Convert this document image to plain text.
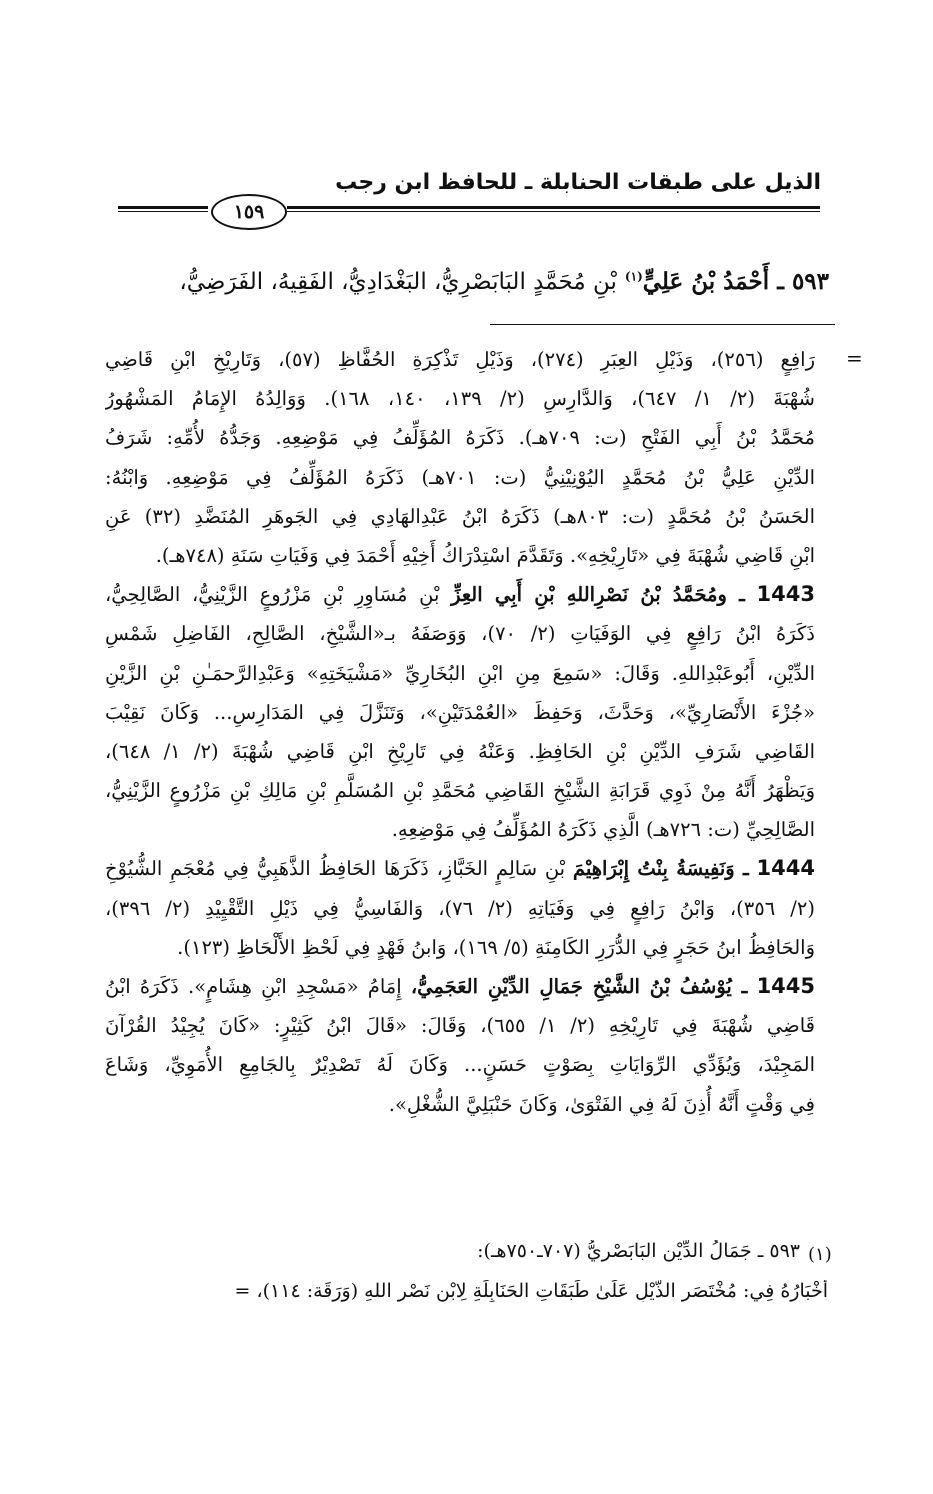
الذيل على طبقات الحنابلة ـ للحافظ ابن رجب
١٥٩
٥٩٣ ـ أَحْمَدُ بْنُ عَلِيٍّ$^{(١)}$ بْنِ مُحَمَّدٍ البَابَصْرِيُّ، البَغْدَادِيُّ، الفَقِيهُ، الفَرَضِيُّ،
=
رَافِعٍ (٢٥٦)، وَذَيْلِ العِبَرِ (٢٧٤)، وَذَيْلِ تَذْكِرَةِ الحُفَّاظِ (٥٧)، وَتَارِيْخِ ابْنِ قَاضِي
شُهْبَةَ (٢/ ١/ ٦٤٧)، وَالدَّارِسِ (٢/ ١٣٩، ١٤٠، ١٦٨). وَوَالِدُهُ الإِمَامُ المَشْهُورُ
مُحَمَّدُ بْنُ أَبِي الفَتْحِ (ت: ٧٠٩هـ). ذَكَرَهُ المُؤَلِّفُ فِي مَوْضِعِهِ. وَجَدُّهُ لأُمِّهِ: شَرَفُ
الدِّيْنِ عَلِيُّ بْنُ مُحَمَّدٍ اليُوْنِيْنِيُّ (ت: ٧٠١هـ) ذَكَرَهُ المُؤَلِّفُ فِي مَوْضِعِهِ. وَابْنُهُ:
الحَسَنُ بْنُ مُحَمَّدٍ (ت: ٨٠٣هـ) ذَكَرَهُ ابْنُ عَبْدِالهَادِي فِي الجَوهَرِ المُنَضَّدِ (٣٢) عَنِ
ابْنِ قَاضِي شُهْبَةَ فِي «تَارِيْخِهِ». وَتَقَدَّمَ اسْتِدْرَاكُ أَخِيْهِ أَحْمَدَ فِي وَفَيَاتِ سَنَةِ (٧٤٨هـ).
1443 ـ ومُحَمَّدُ بْنُ نَصْرِاللهِ بْنِ أَبِي العِزِّ بْنِ مُسَاوِرِ بْنِ مَزْرُوعٍ الزَّيْنِيُّ، الصَّالِحِيُّ،
ذَكَرَهُ ابْنُ رَافِعٍ فِي الوَفَيَاتِ (٢/ ٧٠)، وَوَصَفَهُ بـ«الشَّيْخِ، الصَّالِحِ، الفَاضِلِ شَمْسِ
الدِّيْنِ، أَبُوعَبْدِاللهِ. وَقَالَ: «سَمِعَ مِنِ ابْنِ البُخَارِيِّ «مَشْيَخَتِهِ» وَعَبْدِالرَّحمَـٰنِ بْنِ الزَّيْنِ
«جُزْءَ الأَنْصَارِيِّ»، وَحَدَّثَ، وَحَفِظَ «العُمْدَتَيْنِ»، وَتَنَزَّلَ فِي المَدَارِسِ... وَكَانَ نَقِيْبَ
القَاضِي شَرَفِ الدِّيْنِ بْنِ الحَافِظِ. وَعَنْهُ فِي تَارِيْخِ ابْنِ قَاضِي شُهْبَةَ (٢/ ١/ ٦٤٨)،
وَيَظْهَرُ أَنَّهُ مِنْ ذَوِي قَرَابَةِ الشَّيْخِ القَاضِي مُحَمَّدِ بْنِ المُسَلَّمِ بْنِ مَالِكِ بْنِ مَزْرُوعٍ الزَّيْنِيُّ،
الصَّالِحِيِّ (ت: ٧٢٦هـ) الَّذِي ذَكَرَهُ المُؤَلِّفُ فِي مَوْضِعِهِ.
1444 ـ وَنَفِيسَةُ بِنْتُ إِبْرَاهِيْمَ بْنِ سَالِمٍ الخَبَّازِ، ذَكَرَهَا الحَافِظُ الذَّهَبِيُّ فِي مُعْجَمِ الشُّيُوْخِ
(٢/ ٣٥٦)، وَابْنُ رَافِعٍ فِي وَفَيَاتِهِ (٢/ ٧٦)، وَالفَاسِيُّ فِي ذَيْلِ التَّقْيِيْدِ (٢/ ٣٩٦)،
وَالحَافِظُ ابنُ حَجَرٍ فِي الدُّرَرِ الكَامِنَةِ (٥/ ١٦٩)، وَابنُ فَهْدٍ فِي لَحْظِ الأَلْحَاظِ (١٢٣).
1445 ـ يُوْسُفُ بْنُ الشَّيْخِ جَمَالِ الدِّيْنِ العَجَمِيُّ، إِمَامُ «مَسْجِدِ ابْنِ هِشَامٍ». ذَكَرَهُ ابْنُ
قَاضِي شُهْبَةَ فِي تَارِيْخِهِ (٢/ ١/ ٦٥٥)، وَقَالَ: «قَالَ ابْنُ كَثِيْرٍ: «كَانَ يُجِيْدُ القُرْآنَ
المَجِيْدَ، وَيُؤَدِّي الرِّوَايَاتِ بِصَوْتٍ حَسَنٍ... وَكَانَ لَهُ تَصْدِيْرٌ بِالجَامِعِ الأُمَوِيِّ، وَشَاعَ
فِي وَقْتٍ أَنَّهُ أُذِنَ لَهُ فِي الفَتْوَىٰ، وَكَانَ حَنْبَلِيَّ الشُّغْلِ».
(١)
٥٩٣ ـ جَمَالُ الدِّيْنِ البَابَصْرِيُّ (٧٠٧ـ٧٥٠هـ):
أَخْبَارُهُ فِي: مُخْتَصَرِ الذَّيْلِ عَلَىٰ طَبَقَاتِ الحَنَابِلَةِ لِابْنِ نَصْرِ اللهِ (وَرَقَة: ١١٤)، =
